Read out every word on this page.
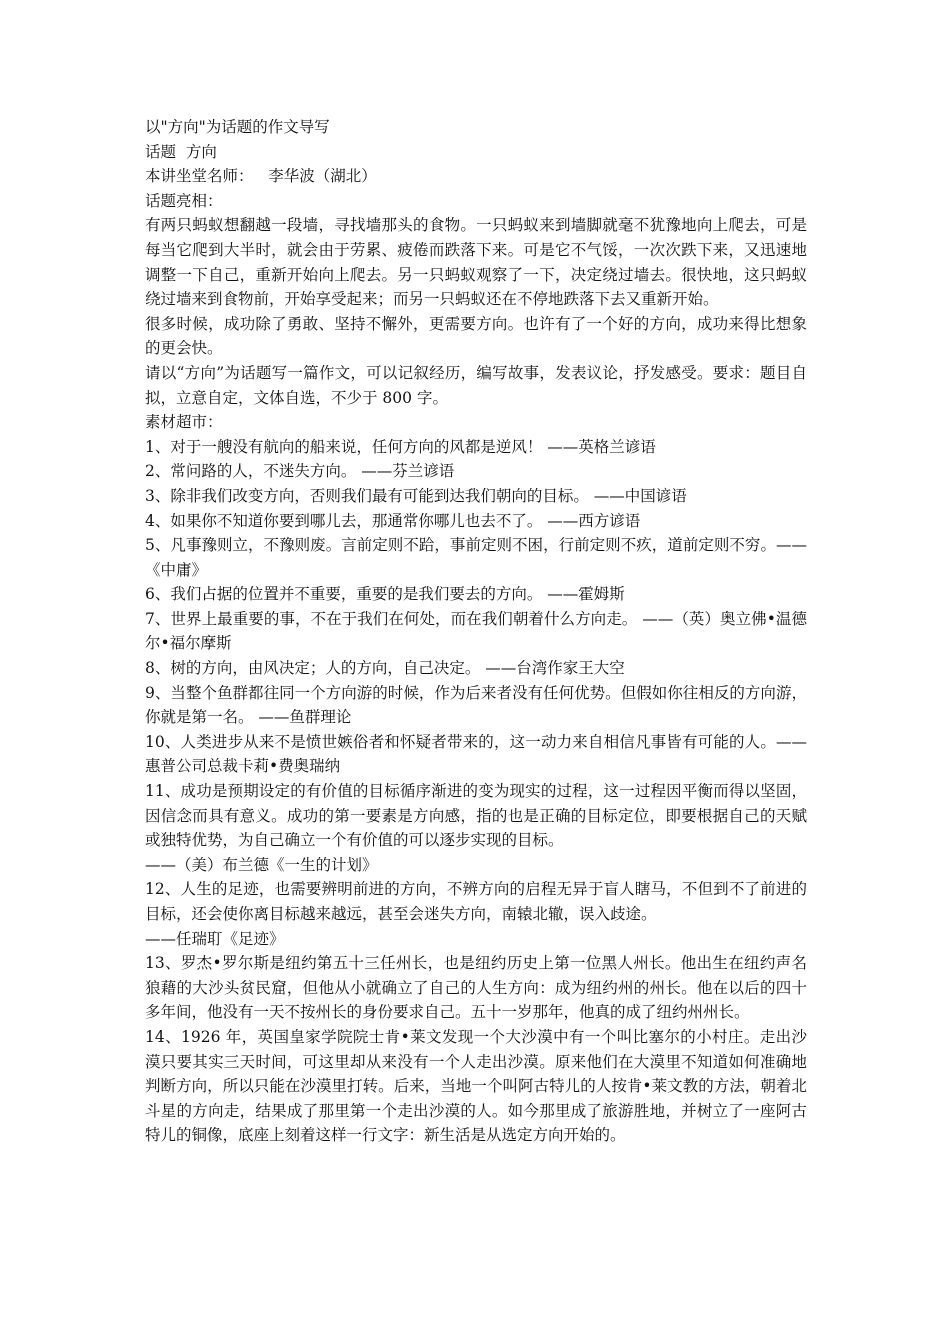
以"方向"为话题的作文导写

话题  方向

本讲坐堂名师：   李华波（湖北）

话题亮相：

有两只蚂蚁想翻越一段墙，寻找墙那头的食物。一只蚂蚁来到墙脚就毫不犹豫地向上爬去，可是每当它爬到大半时，就会由于劳累、疲倦而跌落下来。可是它不气馁，一次次跌下来，又迅速地调整一下自己，重新开始向上爬去。另一只蚂蚁观察了一下，决定绕过墙去。很快地，这只蚂蚁绕过墙来到食物前，开始享受起来；而另一只蚂蚁还在不停地跌落下去又重新开始。

很多时候，成功除了勇敢、坚持不懈外，更需要方向。也许有了一个好的方向，成功来得比想象的更会快。

请以“方向”为话题写一篇作文，可以记叙经历，编写故事，发表议论，抒发感受。要求：题目自拟，立意自定，文体自选，不少于 800 字。

素材超市：

1、对于一艘没有航向的船来说，任何方向的风都是逆风！ ——英格兰谚语

2、常问路的人，不迷失方向。 ——芬兰谚语

3、除非我们改变方向，否则我们最有可能到达我们朝向的目标。 ——中国谚语

4、如果你不知道你要到哪儿去，那通常你哪儿也去不了。 ——西方谚语

5、凡事豫则立，不豫则废。言前定则不跲，事前定则不困，行前定则不疚，道前定则不穷。——《中庸》

6、我们占据的位置并不重要，重要的是我们要去的方向。 ——霍姆斯

7、世界上最重要的事，不在于我们在何处，而在我们朝着什么方向走。 ——（英）奥立佛•温德尔•福尔摩斯

8、树的方向，由风决定；人的方向，自己决定。 ——台湾作家王大空

9、当整个鱼群都往同一个方向游的时候，作为后来者没有任何优势。但假如你往相反的方向游，你就是第一名。 ——鱼群理论

10、人类进步从来不是愤世嫉俗者和怀疑者带来的，这一动力来自相信凡事皆有可能的人。——惠普公司总裁卡莉•费奥瑞纳

11、成功是预期设定的有价值的目标循序渐进的变为现实的过程，这一过程因平衡而得以坚固，因信念而具有意义。成功的第一要素是方向感，指的也是正确的目标定位，即要根据自己的天赋或独特优势，为自己确立一个有价值的可以逐步实现的目标。

——（美）布兰德《一生的计划》

12、人生的足迹，也需要辨明前进的方向，不辨方向的启程无异于盲人瞎马，不但到不了前进的目标，还会使你离目标越来越远，甚至会迷失方向，南辕北辙，误入歧途。

——任瑞耵《足迹》

13、罗杰•罗尔斯是纽约第五十三任州长，也是纽约历史上第一位黑人州长。他出生在纽约声名狼藉的大沙头贫民窟，但他从小就确立了自己的人生方向：成为纽约州的州长。他在以后的四十多年间，他没有一天不按州长的身份要求自己。五十一岁那年，他真的成了纽约州州长。

14、1926 年，英国皇家学院院士肯•莱文发现一个大沙漠中有一个叫比塞尔的小村庄。走出沙漠只要其实三天时间，可这里却从来没有一个人走出沙漠。原来他们在大漠里不知道如何准确地判断方向，所以只能在沙漠里打转。后来，当地一个叫阿古特儿的人按肯•莱文教的方法，朝着北斗星的方向走，结果成了那里第一个走出沙漠的人。如今那里成了旅游胜地，并树立了一座阿古特儿的铜像，底座上刻着这样一行文字：新生活是从选定方向开始的。
